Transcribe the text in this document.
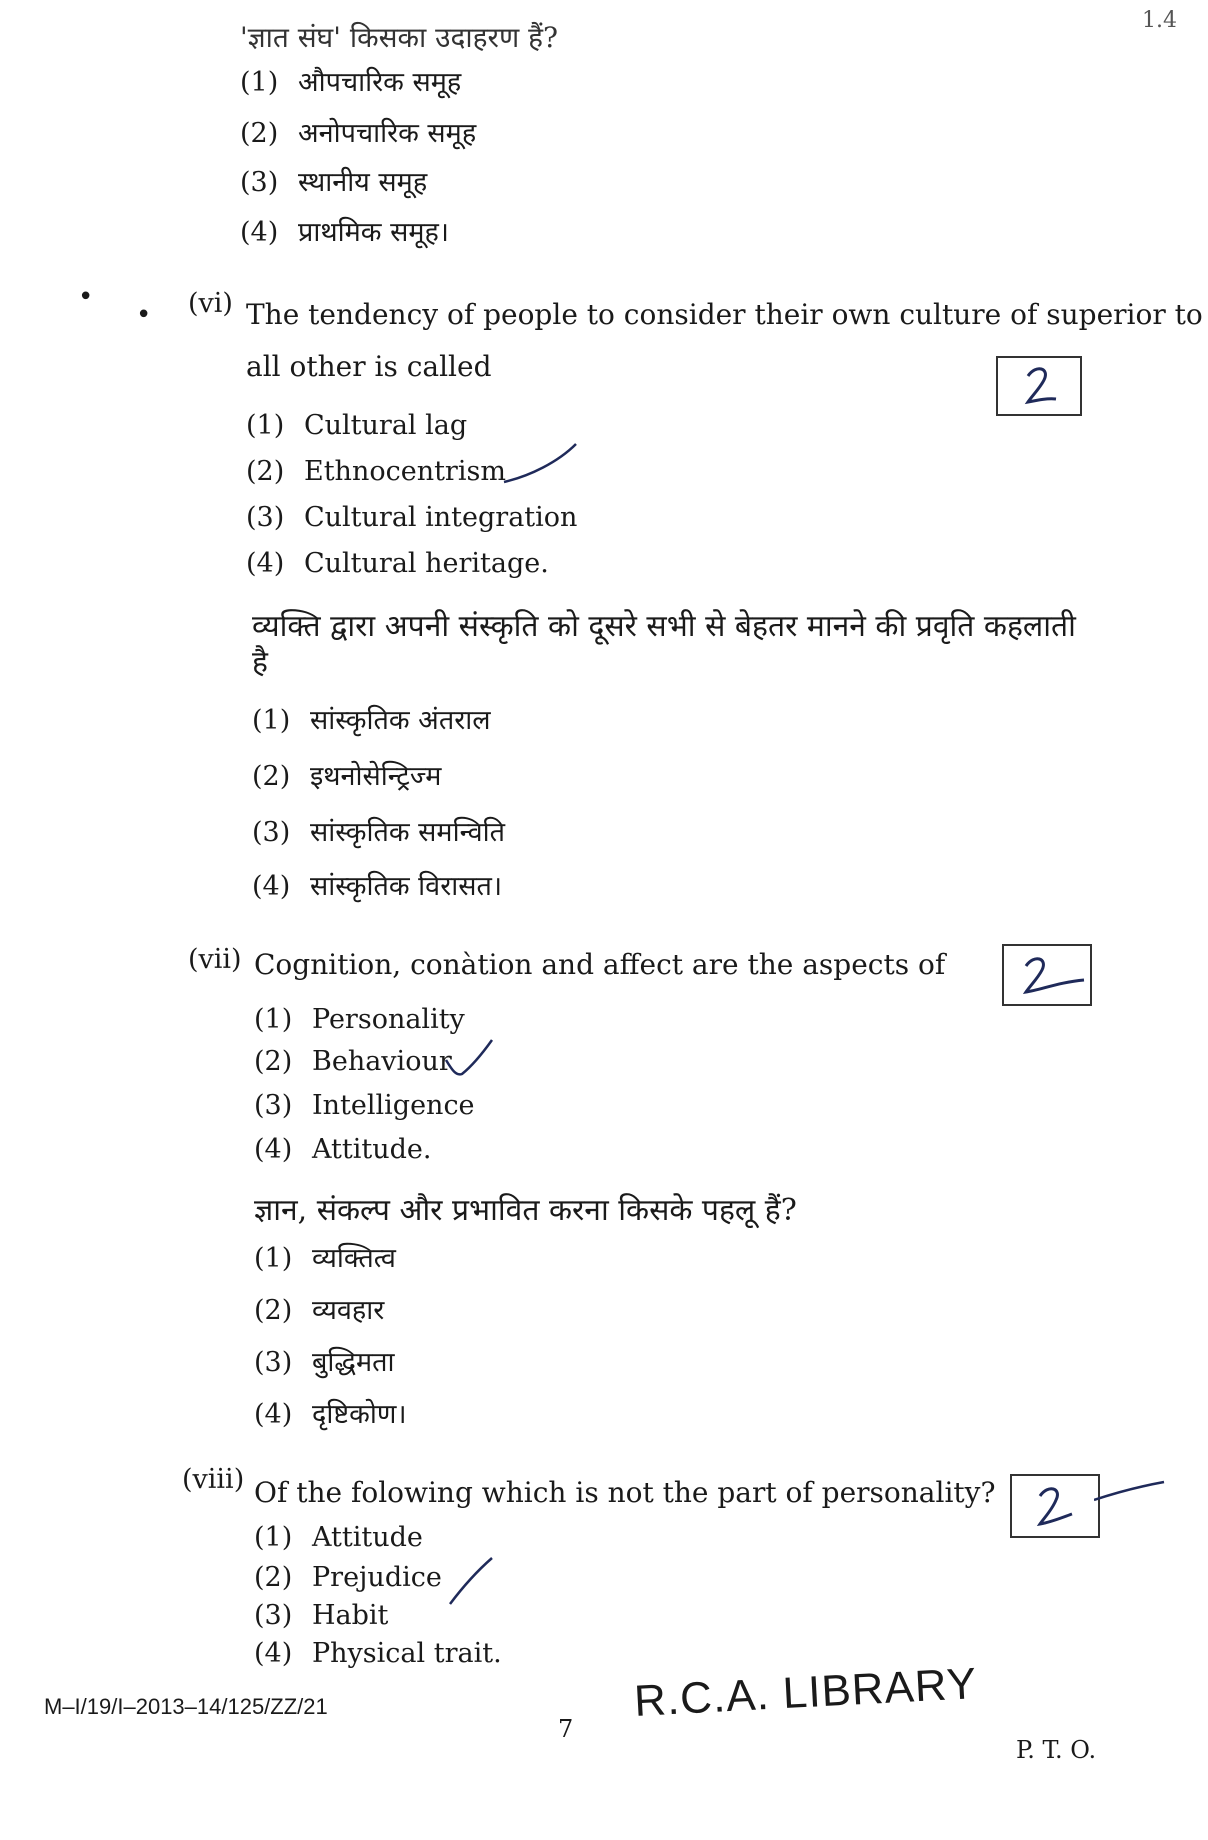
'ज्ञात संघ' किसका उदाहरण हैं?
1.4
(1) औपचारिक समूह
(2) अनोपचारिक समूह
(3) स्थानीय समूह
(4) प्राथमिक समूह।
•
• (vi) The tendency of people to consider their own culture of superior to
all other is called
(1) Cultural lag
(2) Ethnocentrism
(3) Cultural integration
(4) Cultural heritage.
व्यक्ति द्वारा अपनी संस्कृति को दूसरे सभी से बेहतर मानने की प्रवृति कहलाती
है
(1) सांस्कृतिक अंतराल
(2) इथनोसेन्ट्रिज्म
(3) सांस्कृतिक समन्विति
(4) सांस्कृतिक विरासत।
(vii) Cognition, conàtion and affect are the aspects of
(1) Personality
(2) Behaviour
(3) Intelligence
(4) Attitude.
ज्ञान, संकल्प और प्रभावित करना किसके पहलू हैं?
(1) व्यक्तित्व
(2) व्यवहार
(3) बुद्धिमता
(4) दृष्टिकोण।
(viii) Of the folowing which is not the part of personality?
(1) Attitude
(2) Prejudice
(3) Habit
(4) Physical trait.
M–I/19/I–2013–14/125/ZZ/21
7
R.C.A. LIBRARY
P. T. O.
